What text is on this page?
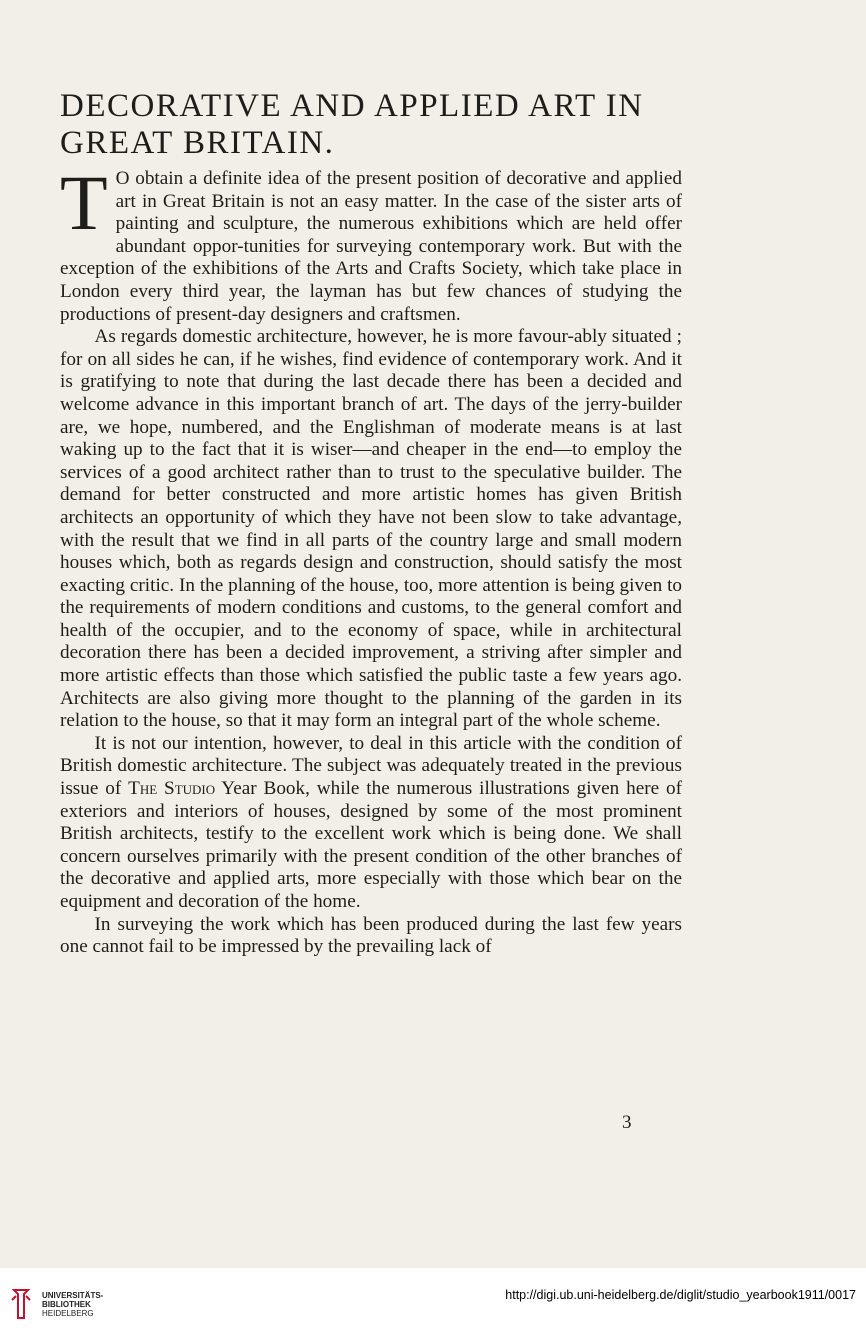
DECORATIVE AND APPLIED ART IN GREAT BRITAIN.

T O obtain a definite idea of the present position of decorative and applied art in Great Britain is not an easy matter. In the case of the sister arts of painting and sculpture, the numerous exhibitions which are held offer abundant oppor-tunities for surveying contemporary work. But with the exception of the exhibitions of the Arts and Crafts Society, which take place in London every third year, the layman has but few chances of studying the productions of present-day designers and craftsmen.

As regards domestic architecture, however, he is more favour-ably situated ; for on all sides he can, if he wishes, find evidence of contemporary work. And it is gratifying to note that during the last decade there has been a decided and welcome advance in this important branch of art. The days of the jerry-builder are, we hope, numbered, and the Englishman of moderate means is at last waking up to the fact that it is wiser—and cheaper in the end—to employ the services of a good architect rather than to trust to the speculative builder. The demand for better constructed and more artistic homes has given British architects an opportunity of which they have not been slow to take advantage, with the result that we find in all parts of the country large and small modern houses which, both as regards design and construction, should satisfy the most exacting critic. In the planning of the house, too, more attention is being given to the requirements of modern conditions and customs, to the general comfort and health of the occupier, and to the economy of space, while in architectural decoration there has been a decided improvement, a striving after simpler and more artistic effects than those which satisfied the public taste a few years ago. Architects are also giving more thought to the planning of the garden in its relation to the house, so that it may form an integral part of the whole scheme.

It is not our intention, however, to deal in this article with the condition of British domestic architecture. The subject was adequately treated in the previous issue of The Studio Year Book, while the numerous illustrations given here of exteriors and interiors of houses, designed by some of the most prominent British architects, testify to the excellent work which is being done. We shall concern ourselves primarily with the present condition of the other branches of the decorative and applied arts, more especially with those which bear on the equipment and decoration of the home.

In surveying the work which has been produced during the last few years one cannot fail to be impressed by the prevailing lack of

3
UNIVERSITÄTS-
BIBLIOTHEK
HEIDELBERG
http://digi.ub.uni-heidelberg.de/diglit/studio_yearbook1911/0017
